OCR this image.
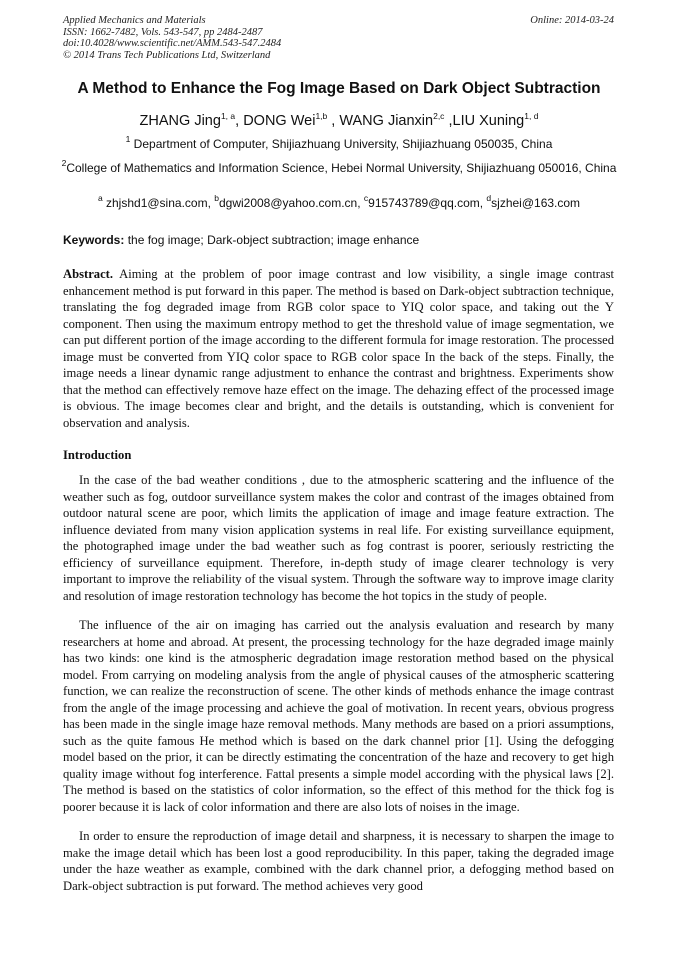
Applied Mechanics and Materials
ISSN: 1662-7482, Vols. 543-547, pp 2484-2487
doi:10.4028/www.scientific.net/AMM.543-547.2484
© 2014 Trans Tech Publications Ltd, Switzerland
Online: 2014-03-24
A Method to Enhance the Fog Image Based on Dark Object Subtraction
ZHANG Jing$^{1, a}$, DONG Wei$^{1,b}$ , WANG Jianxin$^{2,c}$ ,LIU Xuning$^{1, d}$
$^1$ Department of Computer, Shijiazhuang University, Shijiazhuang 050035, China
$^2$College of Mathematics and Information Science, Hebei Normal University, Shijiazhuang 050016, China
$^a$ zhjshd1@sina.com, $^b$dgwi2008@yahoo.com.cn, $^c$915743789@qq.com, $^d$sjzhei@163.com
Keywords: the fog image; Dark-object subtraction; image enhance

Abstract. Aiming at the problem of poor image contrast and low visibility, a single image contrast enhancement method is put forward in this paper. The method is based on Dark-object subtraction technique, translating the fog degraded image from RGB color space to YIQ color space, and taking out the Y component. Then using the maximum entropy method to get the threshold value of image segmentation, we can put different portion of the image according to the different formula for image restoration. The processed image must be converted from YIQ color space to RGB color space In the back of the steps. Finally, the image needs a linear dynamic range adjustment to enhance the contrast and brightness. Experiments show that the method can effectively remove haze effect on the image. The dehazing effect of the processed image is obvious. The image becomes clear and bright, and the details is outstanding, which is convenient for observation and analysis.

Introduction

In the case of the bad weather conditions , due to the atmospheric scattering and the influence of the weather such as fog, outdoor surveillance system makes the color and contrast of the images obtained from outdoor natural scene are poor, which limits the application of image and image feature extraction. The influence deviated from many vision application systems in real life. For existing surveillance equipment, the photographed image under the bad weather such as fog contrast is poorer, seriously restricting the efficiency of surveillance equipment. Therefore, in-depth study of image clearer technology is very important to improve the reliability of the visual system. Through the software way to improve image clarity and resolution of image restoration technology has become the hot topics in the study of people.

The influence of the air on imaging has carried out the analysis evaluation and research by many researchers at home and abroad. At present, the processing technology for the haze degraded image mainly has two kinds: one kind is the atmospheric degradation image restoration method based on the physical model. From carrying on modeling analysis from the angle of physical causes of the atmospheric scattering function, we can realize the reconstruction of scene. The other kinds of methods enhance the image contrast from the angle of the image processing and achieve the goal of motivation. In recent years, obvious progress has been made in the single image haze removal methods. Many methods are based on a priori assumptions, such as the quite famous He method which is based on the dark channel prior [1]. Using the defogging model based on the prior, it can be directly estimating the concentration of the haze and recovery to get high quality image without fog interference. Fattal presents a simple model according with the physical laws [2]. The method is based on the statistics of color information, so the effect of this method for the thick fog is poorer because it is lack of color information and there are also lots of noises in the image.

In order to ensure the reproduction of image detail and sharpness, it is necessary to sharpen the image to make the image detail which has been lost a good reproducibility. In this paper, taking the degraded image under the haze weather as example, combined with the dark channel prior, a defogging method based on Dark-object subtraction is put forward. The method achieves very good
